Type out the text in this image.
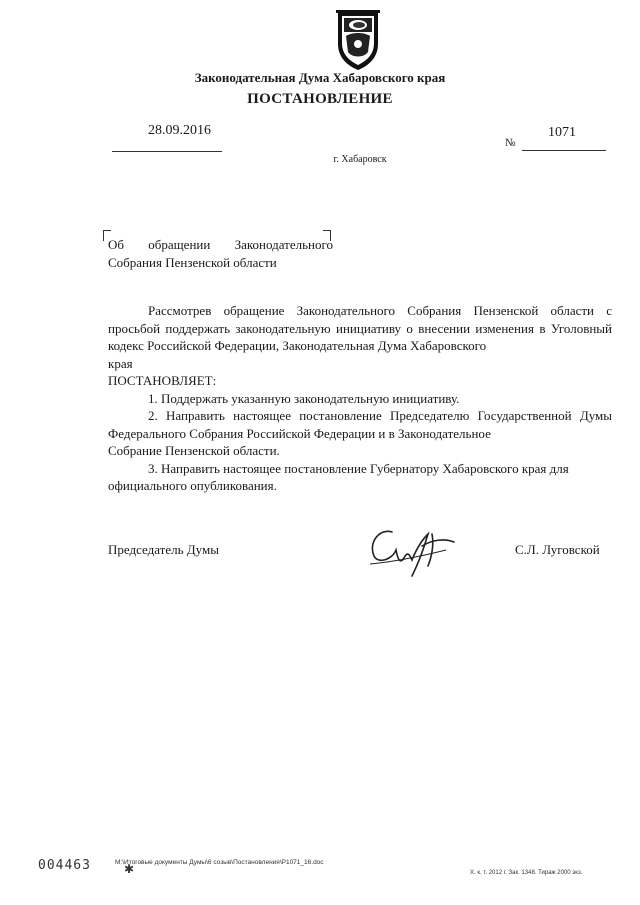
Законодательная Дума Хабаровского края
ПОСТАНОВЛЕНИЕ
28.09.2016	1071
№
г. Хабаровск
Об обращении Законодательного
Собрания Пензенской области

Рассмотрев обращение Законодательного Собрания Пензенской области с просьбой поддержать законодательную инициативу о внесении изменения в Уголовный кодекс Российской Федерации, Законодательная Дума Хабаровского

края

ПОСТАНОВЛЯЕТ:

1. Поддержать указанную законодательную инициативу.

2. Направить настоящее постановление Председателю Государственной Думы Федерального Собрания Российской Федерации и в Законодательное

Собрание Пензенской области.

3. Направить настоящее постановление Губернатору Хабаровского края для

официального опубликования.

Председатель Думы	С.Л. Луговской
004463	✱
М:\Итоговые документы Думы\6 созыв\Постановления\Р1071_16.doc
Х. к. т. 2012 г. Зак. 1348. Тираж 2000 экз.
